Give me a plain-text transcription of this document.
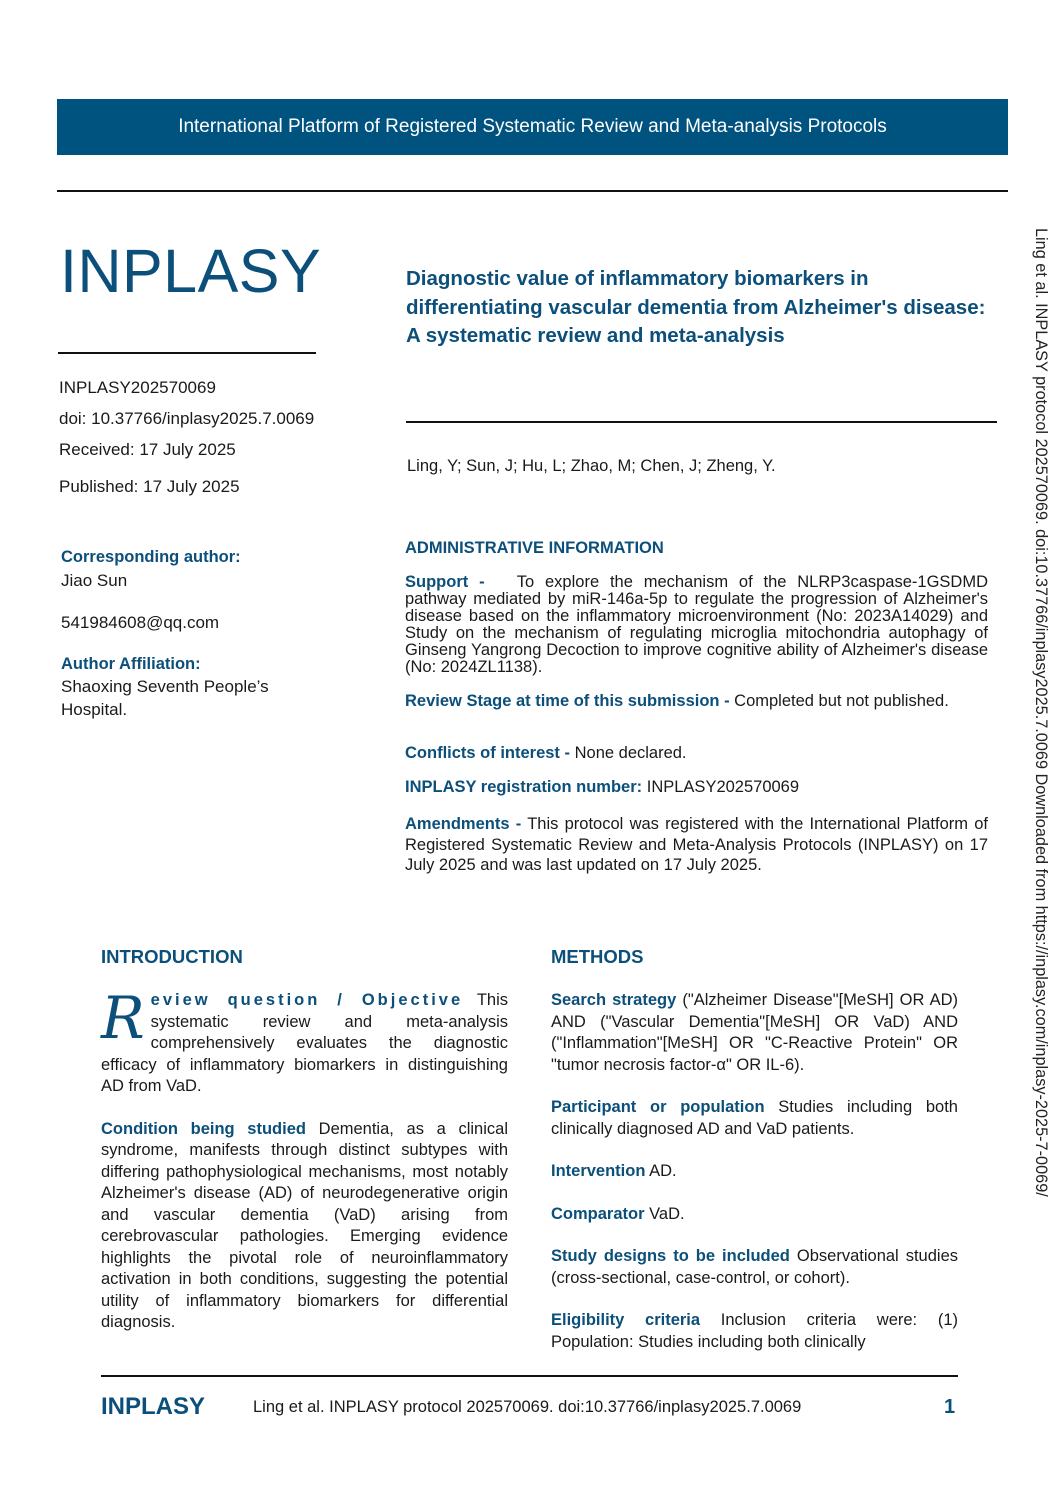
International Platform of Registered Systematic Review and Meta-analysis Protocols
INPLASY	Diagnostic value of inflammatory biomarkers in differentiating vascular dementia from Alzheimer's disease: A systematic review and meta-analysis
INPLASY202570069
doi: 10.37766/inplasy2025.7.0069
Received: 17 July 2025
Published: 17 July 2025
Corresponding author:
Jiao Sun
541984608@qq.com
Author Affiliation:
Shaoxing Seventh People’s Hospital.
Ling, Y; Sun, J; Hu, L; Zhao, M; Chen, J; Zheng, Y.
ADMINISTRATIVE INFORMATION
Support - To explore the mechanism of the NLRP3caspase-1GSDMD pathway mediated by miR-146a-5p to regulate the progression of Alzheimer's disease based on the inflammatory microenvironment (No: 2023A14029) and Study on the mechanism of regulating microglia mitochondria autophagy of Ginseng Yangrong Decoction to improve cognitive ability of Alzheimer's disease (No: 2024ZL1138).
Review Stage at time of this submission - Completed but not published.
Conflicts of interest - None declared.
INPLASY registration number: INPLASY202570069
Amendments - This protocol was registered with the International Platform of Registered Systematic Review and Meta-Analysis Protocols (INPLASY) on 17 July 2025 and was last updated on 17 July 2025.
INTRODUCTION

R eview question / Objective This systematic review and meta-analysis comprehensively evaluates the diagnostic efficacy of inflammatory biomarkers in distinguishing AD from VaD.

Condition being studied Dementia, as a clinical syndrome, manifests through distinct subtypes with differing pathophysiological mechanisms, most notably Alzheimer's disease (AD) of neurodegenerative origin and vascular dementia (VaD) arising from cerebrovascular pathologies. Emerging evidence highlights the pivotal role of neuroinflammatory activation in both conditions, suggesting the potential utility of inflammatory biomarkers for differential diagnosis.

METHODS

Search strategy ("Alzheimer Disease"[MeSH] OR AD) AND ("Vascular Dementia"[MeSH] OR VaD) AND ("Inflammation"[MeSH] OR "C-Reactive Protein" OR "tumor necrosis factor-α" OR IL-6).

Participant or population Studies including both clinically diagnosed AD and VaD patients.

Intervention AD.

Comparator VaD.

Study designs to be included Observational studies (cross-sectional, case-control, or cohort).

Eligibility criteria Inclusion criteria were: (1) Population: Studies including both clinically

Ling et al. INPLASY protocol 202570069. doi:10.37766/inplasy2025.7.0069 Downloaded from https://inplasy.com/inplasy-2025-7-0069/
INPLASY	Ling et al. INPLASY protocol 202570069. doi:10.37766/inplasy2025.7.0069	1
